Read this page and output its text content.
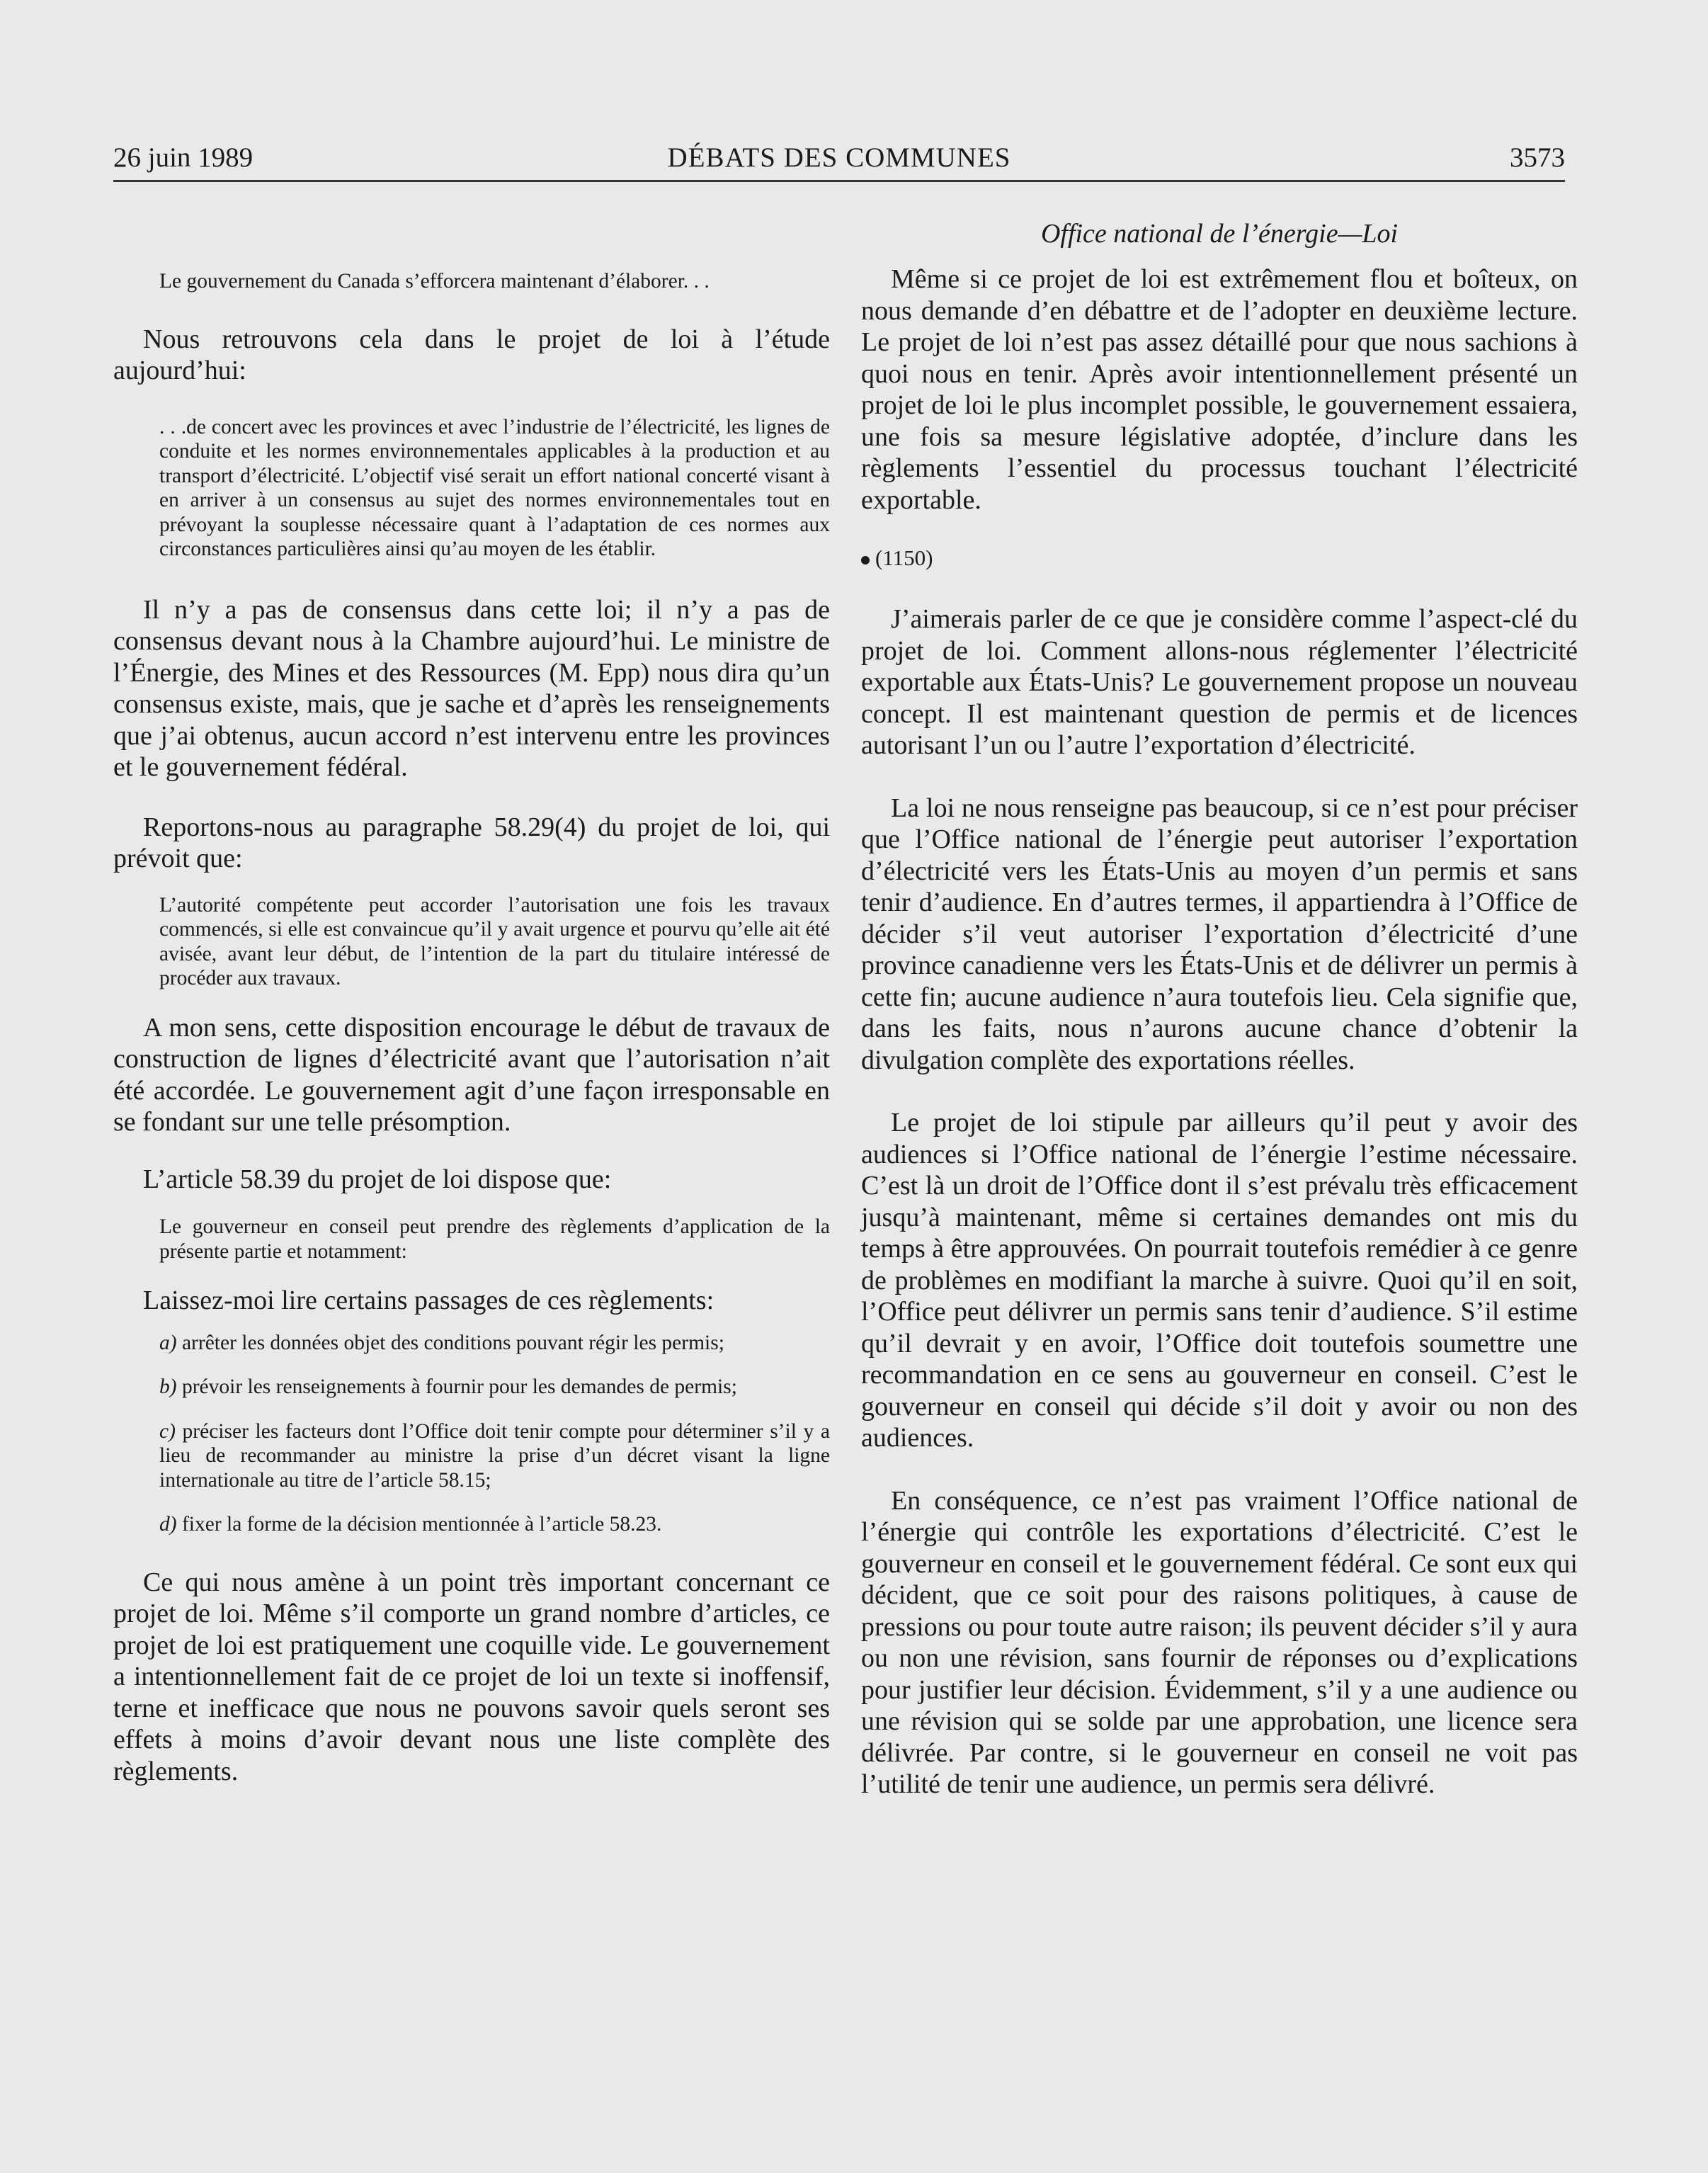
26 juin 1989	DÉBATS DES COMMUNES	3573

Le gouvernement du Canada s’efforcera maintenant d’élaborer. . .

Nous retrouvons cela dans le projet de loi à l’étude aujourd’hui:

. . .de concert avec les provinces et avec l’industrie de l’électricité, les lignes de conduite et les normes environnementales applicables à la production et au transport d’électricité. L’objectif visé serait un effort national concerté visant à en arriver à un consensus au sujet des normes environnementales tout en prévoyant la souplesse nécessaire quant à l’adaptation de ces normes aux circonstances particulières ainsi qu’au moyen de les établir.

Il n’y a pas de consensus dans cette loi; il n’y a pas de consensus devant nous à la Chambre aujourd’hui. Le ministre de l’Énergie, des Mines et des Ressources (M. Epp) nous dira qu’un consensus existe, mais, que je sache et d’après les renseignements que j’ai obtenus, aucun accord n’est intervenu entre les provinces et le gouvernement fédéral.

Reportons-nous au paragraphe 58.29(4) du projet de loi, qui prévoit que:

L’autorité compétente peut accorder l’autorisation une fois les travaux commencés, si elle est convaincue qu’il y avait urgence et pourvu qu’elle ait été avisée, avant leur début, de l’intention de la part du titulaire intéressé de procéder aux travaux.

A mon sens, cette disposition encourage le début de travaux de construction de lignes d’électricité avant que l’autorisation n’ait été accordée. Le gouvernement agit d’une façon irresponsable en se fondant sur une telle présomption.

L’article 58.39 du projet de loi dispose que:

Le gouverneur en conseil peut prendre des règlements d’application de la présente partie et notamment:

Laissez-moi lire certains passages de ces règlements:

a) arrêter les données objet des conditions pouvant régir les permis;

b) prévoir les renseignements à fournir pour les demandes de permis;

c) préciser les facteurs dont l’Office doit tenir compte pour déterminer s’il y a lieu de recommander au ministre la prise d’un décret visant la ligne internationale au titre de l’article 58.15;

d) fixer la forme de la décision mentionnée à l’article 58.23.

Ce qui nous amène à un point très important concernant ce projet de loi. Même s’il comporte un grand nombre d’articles, ce projet de loi est pratiquement une coquille vide. Le gouvernement a intentionnellement fait de ce projet de loi un texte si inoffensif, terne et inefficace que nous ne pouvons savoir quels seront ses effets à moins d’avoir devant nous une liste complète des règlements.

Office national de l’énergie—Loi

Même si ce projet de loi est extrêmement flou et boîteux, on nous demande d’en débattre et de l’adopter en deuxième lecture. Le projet de loi n’est pas assez détaillé pour que nous sachions à quoi nous en tenir. Après avoir intentionnellement présenté un projet de loi le plus incomplet possible, le gouvernement essaiera, une fois sa mesure législative adoptée, d’inclure dans les règlements l’essentiel du processus touchant l’électricité exportable.

(1150)

J’aimerais parler de ce que je considère comme l’aspect-clé du projet de loi. Comment allons-nous réglementer l’électricité exportable aux États-Unis? Le gouvernement propose un nouveau concept. Il est maintenant question de permis et de licences autorisant l’un ou l’autre l’exportation d’électricité.

La loi ne nous renseigne pas beaucoup, si ce n’est pour préciser que l’Office national de l’énergie peut autoriser l’exportation d’électricité vers les États-Unis au moyen d’un permis et sans tenir d’audience. En d’autres termes, il appartiendra à l’Office de décider s’il veut autoriser l’exportation d’électricité d’une province canadienne vers les États-Unis et de délivrer un permis à cette fin; aucune audience n’aura toutefois lieu. Cela signifie que, dans les faits, nous n’aurons aucune chance d’obtenir la divulgation complète des exportations réelles.

Le projet de loi stipule par ailleurs qu’il peut y avoir des audiences si l’Office national de l’énergie l’estime nécessaire. C’est là un droit de l’Office dont il s’est prévalu très efficacement jusqu’à maintenant, même si certaines demandes ont mis du temps à être approuvées. On pourrait toutefois remédier à ce genre de problèmes en modifiant la marche à suivre. Quoi qu’il en soit, l’Office peut délivrer un permis sans tenir d’audience. S’il estime qu’il devrait y en avoir, l’Office doit toutefois soumettre une recommandation en ce sens au gouverneur en conseil. C’est le gouverneur en conseil qui décide s’il doit y avoir ou non des audiences.

En conséquence, ce n’est pas vraiment l’Office national de l’énergie qui contrôle les exportations d’électricité. C’est le gouverneur en conseil et le gouvernement fédéral. Ce sont eux qui décident, que ce soit pour des raisons politiques, à cause de pressions ou pour toute autre raison; ils peuvent décider s’il y aura ou non une révision, sans fournir de réponses ou d’explications pour justifier leur décision. Évidemment, s’il y a une audience ou une révision qui se solde par une approbation, une licence sera délivrée. Par contre, si le gouverneur en conseil ne voit pas l’utilité de tenir une audience, un permis sera délivré.
